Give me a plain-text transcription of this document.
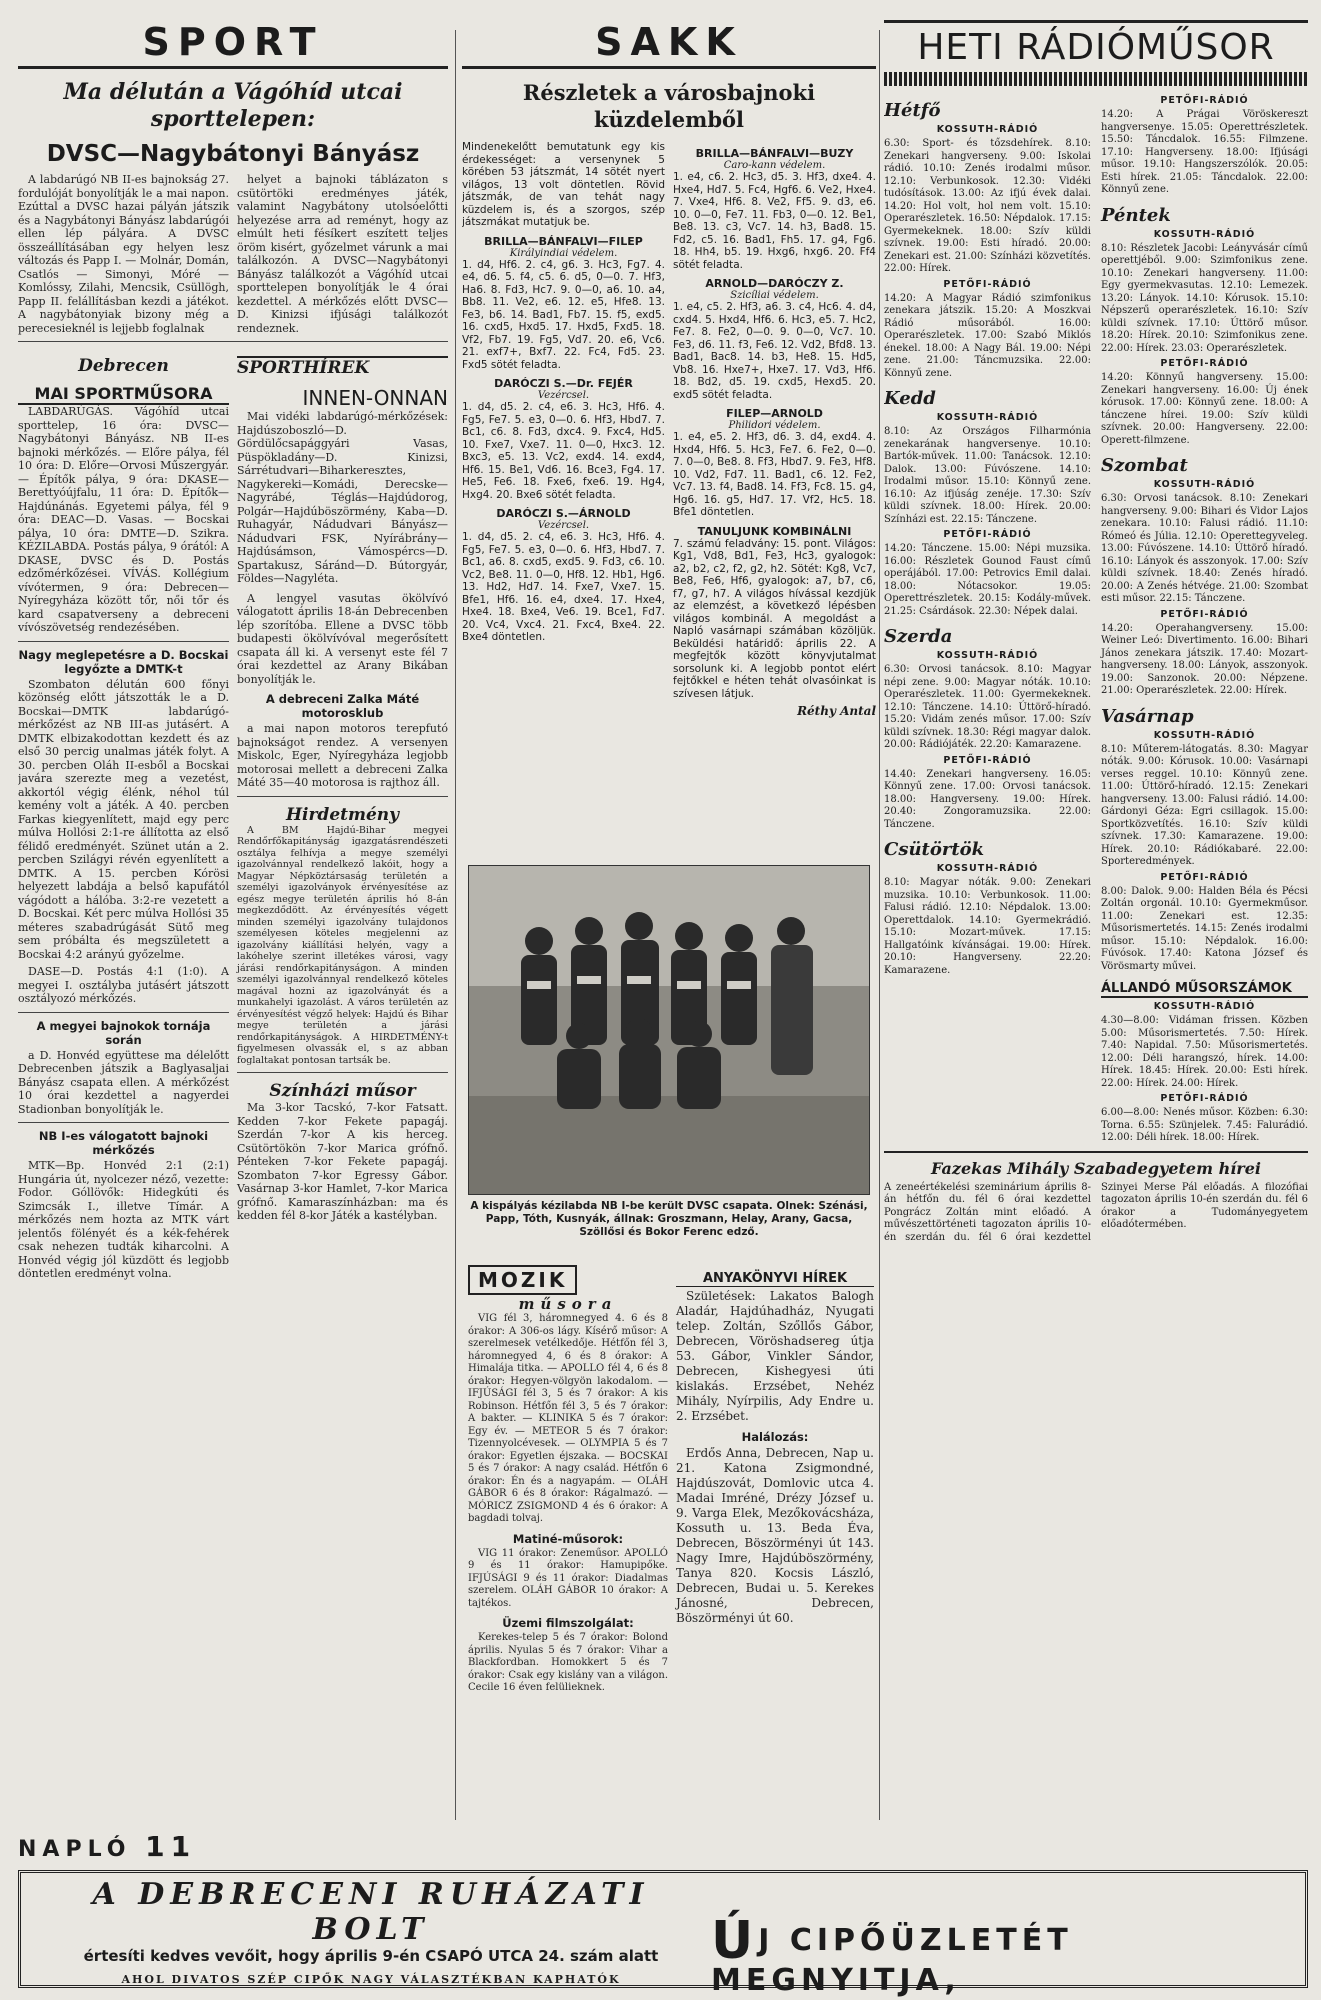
SPORT
Ma délután a Vágóhíd utcai sporttelepen:
DVSC—Nagybátonyi Bányász

A labdarúgó NB II-es bajnokság 27. fordulóját bonyolítják le a mai napon. Ezúttal a DVSC hazai pályán játszik és a Nagybátonyi Bányász labdarúgói ellen lép pályára. A DVSC összeállításában egy helyen lesz változás és Papp I. — Molnár, Domán, Csatlós — Simonyi, Móré — Komlóssy, Zilahi, Mencsik, Csüllögh, Papp II. felállításban kezdi a játékot. A nagybátonyiak bizony még a perecesieknél is lejjebb foglalnak

helyet a bajnoki táblázaton s csütörtöki eredményes játék, valamint Nagybátony utolsóelőtti helyezése arra ad reményt, hogy az elmúlt heti fésíkert eszített teljes öröm kisért, győzelmet várunk a mai találkozón. A DVSC—Nagybátonyi Bányász találkozót a Vágóhíd utcai sporttelepen bonyolítják le 4 órai kezdettel. A mérkőzés előtt DVSC—D. Kinizsi ifjúsági találkozót rendeznek.

Debrecen
MAI SPORTMŰSORA

LABDARÚGÁS. Vágóhíd utcai sporttelep, 16 óra: DVSC—Nagybátonyi Bányász. NB II-es bajnoki mérkőzés. — Előre pálya, fél 10 óra: D. Előre—Orvosi Műszergyár. — Építők pálya, 9 óra: DKASE—Berettyóújfalu, 11 óra: D. Építők—Hajdúnánás. Egyetemi pálya, fél 9 óra: DEAC—D. Vasas. — Bocskai pálya, 10 óra: DMTE—D. Szikra. KÉZILABDA. Postás pálya, 9 órától: A DKASE, DVSC és D. Postás edzőmérkőzései. VÍVÁS. Kollégium vívótermen, 9 óra: Debrecen—Nyíregyháza között tőr, női tőr és kard csapatverseny a debreceni vívószövetség rendezésében.

Nagy meglepetésre a D. Bocskai legyőzte a DMTK-t

Szombaton délután 600 főnyi közönség előtt játszották le a D. Bocskai—DMTK labdarúgó-mérkőzést az NB III-as jutásért. A DMTK elbizakodottan kezdett és az első 30 percig unalmas játék folyt. A 30. percben Oláh II-esből a Bocskai javára szerezte meg a vezetést, akkortól végig élénk, néhol túl kemény volt a játék. A 40. percben Farkas kiegyenlített, majd egy perc múlva Hollósi 2:1-re állította az első félidő eredményét. Szünet után a 2. percben Szilágyi révén egyenlített a DMTK. A 15. percben Kórösi helyezett labdája a belső kapufától vágódott a hálóba. 3:2-re vezetett a D. Bocskai. Két perc múlva Hollósi 35 méteres szabadrúgását Sütő meg sem próbálta és megszületett a Bocskai 4:2 arányú győzelme.

DASE—D. Postás 4:1 (1:0). A megyei I. osztályba jutásért játszott osztályozó mérkőzés.

A megyei bajnokok tornája során

a D. Honvéd együttese ma délelőtt Debrecenben játszik a Baglyasaljai Bányász csapata ellen. A mérkőzést 10 órai kezdettel a nagyerdei Stadionban bonyolítják le.

NB I-es válogatott bajnoki mérkőzés

MTK—Bp. Honvéd 2:1 (2:1) Hungária út, nyolcezer néző, vezette: Fodor. Góllövők: Hidegkúti és Szimcsák I., illetve Tímár. A mérkőzés nem hozta az MTK várt jelentős fölényét és a kék-fehérek csak nehezen tudták kiharcolni. A Honvéd végig jól küzdött és legjobb döntetlen eredményt volna.

SPORTHÍREK
INNEN-ONNAN

Mai vidéki labdarúgó-mérkőzések: Hajdúszoboszló—D. Gördülőcsapággyári Vasas, Püspökladány—D. Kinizsi, Sárrétudvari—Biharkeresztes, Nagykereki—Komádi, Derecske—Nagyrábé, Téglás—Hajdúdorog, Polgár—Hajdúböszörmény, Kaba—D. Ruhagyár, Nádudvari Bányász—Nádudvari FSK, Nyírábrány—Hajdúsámson, Vámospércs—D. Spartakusz, Sáránd—D. Bútorgyár, Földes—Nagyléta.

A lengyel vasutas ökölvívó válogatott április 18-án Debrecenben lép szorítóba. Ellene a DVSC több budapesti ökölvívóval megerősített csapata áll ki. A versenyt este fél 7 órai kezdettel az Arany Bikában bonyolítják le.

A debreceni Zalka Máté motorosklub

a mai napon motoros terepfutó bajnokságot rendez. A versenyen Miskolc, Eger, Nyíregyháza legjobb motorosai mellett a debreceni Zalka Máté 35—40 motorosa is rajthoz áll.

Hirdetmény

A BM Hajdú-Bihar megyei Rendőrfőkapitányság igazgatásrendészeti osztálya felhívja a megye személyi igazolvánnyal rendelkező lakóit, hogy a Magyar Népköztársaság területén a személyi igazolványok érvényesítése az egész megye területén április hó 8-án megkezdődött. Az érvényesítés végett minden személyi igazolvány tulajdonos személyesen köteles megjelenni az igazolvány kiállítási helyén, vagy a lakóhelye szerint illetékes városi, vagy járási rendőrkapitányságon. A minden személyi igazolvánnyal rendelkező köteles magával hozni az igazolványát és a munkahelyi igazolást. A város területén az érvényesítést végző helyek: Hajdú és Bihar megye területén a járási rendőrkapitányságok. A HIRDETMÉNY-t figyelmesen olvassák el, s az abban foglaltakat pontosan tartsák be.

Színházi műsor

Ma 3-kor Tacskó, 7-kor Fatsatt. Kedden 7-kor Fekete papagáj. Szerdán 7-kor A kis herceg. Csütörtökön 7-kor Marica grófnő. Pénteken 7-kor Fekete papagáj. Szombaton 7-kor Egressy Gábor. Vasárnap 3-kor Hamlet, 7-kor Marica grófnő. Kamaraszínházban: ma és kedden fél 8-kor Játék a kastélyban.

SAKK
Részletek a városbajnoki küzdelemből

Mindenekelőtt bemutatunk egy kis érdekességet: a versenynek 5 körében 53 játszmát, 14 sötét nyert világos, 13 volt döntetlen. Rövid játszmák, de van tehát nagy küzdelem is, és a szorgos, szép játszmákat mutatjuk be.

BRILLA—BÁNFALVI—FILEP
Királyindiai védelem.

1. d4, Hf6. 2. c4, g6. 3. Hc3, Fg7. 4. e4, d6. 5. f4, c5. 6. d5, 0—0. 7. Hf3, Ha6. 8. Fd3, Hc7. 9. 0—0, a6. 10. a4, Bb8. 11. Ve2, e6. 12. e5, Hfe8. 13. Fe3, b6. 14. Bad1, Fb7. 15. f5, exd5. 16. cxd5, Hxd5. 17. Hxd5, Fxd5. 18. Vf2, Fb7. 19. Fg5, Vd7. 20. e6, Vc6. 21. exf7+, Bxf7. 22. Fc4, Fd5. 23. Fxd5 sötét feladta.

DARÓCZI S.—Dr. FEJÉR
Vezércsel.

1. d4, d5. 2. c4, e6. 3. Hc3, Hf6. 4. Fg5, Fe7. 5. e3, 0—0. 6. Hf3, Hbd7. 7. Bc1, c6. 8. Fd3, dxc4. 9. Fxc4, Hd5. 10. Fxe7, Vxe7. 11. 0—0, Hxc3. 12. Bxc3, e5. 13. Vc2, exd4. 14. exd4, Hf6. 15. Be1, Vd6. 16. Bce3, Fg4. 17. He5, Fe6. 18. Fxe6, fxe6. 19. Hg4, Hxg4. 20. Bxe6 sötét feladta.

DARÓCZI S.—ÁRNOLD
Vezércsel.

1. d4, d5. 2. c4, e6. 3. Hc3, Hf6. 4. Fg5, Fe7. 5. e3, 0—0. 6. Hf3, Hbd7. 7. Bc1, a6. 8. cxd5, exd5. 9. Fd3, c6. 10. Vc2, Be8. 11. 0—0, Hf8. 12. Hb1, Hg6. 13. Hd2, Hd7. 14. Fxe7, Vxe7. 15. Bfe1, Hf6. 16. e4, dxe4. 17. Hxe4, Hxe4. 18. Bxe4, Ve6. 19. Bce1, Fd7. 20. Vc4, Vxc4. 21. Fxc4, Bxe4. 22. Bxe4 döntetlen.

BRILLA—BÁNFALVI—BUZY
Caro-kann védelem.

1. e4, c6. 2. Hc3, d5. 3. Hf3, dxe4. 4. Hxe4, Hd7. 5. Fc4, Hgf6. 6. Vе2, Hxe4. 7. Vxe4, Hf6. 8. Ve2, Ff5. 9. d3, e6. 10. 0—0, Fe7. 11. Fb3, 0—0. 12. Bе1, Bе8. 13. c3, Vc7. 14. h3, Bad8. 15. Fd2, c5. 16. Bad1, Fh5. 17. g4, Fg6. 18. Hh4, b5. 19. Hxg6, hxg6. 20. Ff4 sötét feladta.

ARNOLD—DARÓCZY Z.
Szicíliai védelem.

1. e4, c5. 2. Hf3, a6. 3. c4, Hc6. 4. d4, cxd4. 5. Hxd4, Hf6. 6. Hc3, e5. 7. Hc2, Fe7. 8. Fe2, 0—0. 9. 0—0, Vc7. 10. Fe3, d6. 11. f3, Fe6. 12. Vd2, Bfd8. 13. Bad1, Bac8. 14. b3, He8. 15. Hd5, Vb8. 16. Hxe7+, Hxe7. 17. Vd3, Hf6. 18. Bd2, d5. 19. cxd5, Hexd5. 20. exd5 sötét feladta.

FILEP—ARNOLD
Philidori védelem.

1. e4, e5. 2. Hf3, d6. 3. d4, exd4. 4. Hxd4, Hf6. 5. Hc3, Fe7. 6. Fe2, 0—0. 7. 0—0, Be8. 8. Ff3, Hbd7. 9. Fe3, Hf8. 10. Vd2, Fd7. 11. Bad1, c6. 12. Fe2, Vc7. 13. f4, Bad8. 14. Ff3, Fc8. 15. g4, Hg6. 16. g5, Hd7. 17. Vf2, Hc5. 18. Bfe1 döntetlen.

TANULJUNK KOMBINÁLNI

7. számú feladvány: 15. pont. Világos: Kg1, Vd8, Bd1, Fe3, Hc3, gyalogok: a2, b2, c2, f2, g2, h2. Sötét: Kg8, Vc7, Be8, Fe6, Hf6, gyalogok: a7, b7, c6, f7, g7, h7. A világos hívással kezdjük az elemzést, a következő lépésben világos kombinál. A megoldást a Napló vasárnapi számában közöljük. Beküldési határidő: április 22. A megfejtők között könyvjutalmat sorsolunk ki. A legjobb pontot elért fejtőkkel e héten tehát olvasóinkat is szívesen látjuk.

Réthy Antal
A kispályás kézilabda NB I-be került DVSC csapata. Olnek: Szénási, Papp, Tóth, Kusnyák, állnak: Groszmann, Helay, Arany, Gacsa, Szöllősi és Bokor Ferenc edző.
MOZIK
műsora

VIG fél 3, háromnegyed 4. 6 és 8 órakor: A 306-os lágy. Kísérő műsor: A szerelmesek vetélkedője. Hétfőn fél 3, háromnegyed 4, 6 és 8 órakor: A Himalája titka. — APOLLO fél 4, 6 és 8 órakor: Hegyen-völgyön lakodalom. — IFJÚSÁGI fél 3, 5 és 7 órakor: A kis Robinson. Hétfőn fél 3, 5 és 7 órakor: A bakter. — KLINIKA 5 és 7 órakor: Egy év. — METEOR 5 és 7 órakor: Tizennyolcévesek. — OLYMPIA 5 és 7 órakor: Egyetlen éjszaka. — BOCSKAI 5 és 7 órakor: A nagy család. Hétfőn 6 órakor: Én és a nagyapám. — OLÁH GÁBOR 6 és 8 órakor: Rágalmazó. — MÓRICZ ZSIGMOND 4 és 6 órakor: A bagdadi tolvaj.

Matiné-műsorok:

VIG 11 órakor: Zeneműsor. APOLLÓ 9 és 11 órakor: Hamupipőke. IFJÚSÁGI 9 és 11 órakor: Diadalmas szerelem. OLÁH GÁBOR 10 órakor: A tajtékos.

Üzemi filmszolgálat:

Kerekes-telep 5 és 7 órakor: Bolond április. Nyulas 5 és 7 órakor: Vihar a Blackfordban. Homokkert 5 és 7 órakor: Csak egy kislány van a világon. Cecile 16 éven felülieknek.

ANYAKÖNYVI HÍREK

Születések: Lakatos Balogh Aladár, Hajdúhadház, Nyugati telep. Zoltán, Szőllős Gábor, Debrecen, Vöröshadsereg útja 53. Gábor, Vinkler Sándor, Debrecen, Kishegyesi úti kislakás. Erzsébet, Nehéz Mihály, Nyírpilis, Ady Endre u. 2. Erzsébet.

Halálozás:

Erdős Anna, Debrecen, Nap u. 21. Katona Zsigmondné, Hajdúszovát, Domlovic utca 4. Madai Imréné, Drézy József u. 9. Varga Elek, Mezőkovácsháza, Kossuth u. 13. Beda Éva, Debrecen, Böszörményi út 143. Nagy Imre, Hajdúböszörmény, Tanya 820. Kocsis László, Debrecen, Budai u. 5. Kerekes Jánosné, Debrecen, Böszörményi út 60.

HETI RÁDIÓMŰSOR
Hétfő
KOSSUTH-RÁDIÓ

6.30: Sport- és tőzsdehírek. 8.10: Zenekari hangverseny. 9.00: Iskolai rádió. 10.10: Zenés irodalmi műsor. 12.10: Verbunkosok. 12.30: Vidéki tudósítások. 13.00: Az ifjú évek dalai. 14.20: Hol volt, hol nem volt. 15.10: Operarészletek. 16.50: Népdalok. 17.15: Gyermekeknek. 18.00: Szív küldi szívnek. 19.00: Esti híradó. 20.00: Zenekari est. 21.00: Színházi közvetítés. 22.00: Hírek.

PETŐFI-RÁDIÓ

14.20: A Magyar Rádió szimfonikus zenekara játszik. 15.20: A Moszkvai Rádió műsorából. 16.00: Operarészletek. 17.00: Szabó Miklós énekel. 18.00: A Nagy Bál. 19.00: Népi zene. 21.00: Táncmuzsika. 22.00: Könnyű zene.

Kedd
KOSSUTH-RÁDIÓ

8.10: Az Országos Filharmónia zenekarának hangversenye. 10.10: Bartók-művek. 11.00: Tanácsok. 12.10: Dalok. 13.00: Fúvószene. 14.10: Irodalmi műsor. 15.10: Könnyű zene. 16.10: Az ifjúság zenéje. 17.30: Szív küldi szívnek. 18.00: Hírek. 20.00: Színházi est. 22.15: Tánczene.

PETŐFI-RÁDIÓ

14.20: Tánczene. 15.00: Népi muzsika. 16.00: Részletek Gounod Faust című operájából. 17.00: Petrovics Emil dalai. 18.00: Nótacsokor. 19.05: Operettrészletek. 20.15: Kodály-művek. 21.25: Csárdások. 22.30: Népek dalai.

Szerda
KOSSUTH-RÁDIÓ

6.30: Orvosi tanácsok. 8.10: Magyar népi zene. 9.00: Magyar nóták. 10.10: Operarészletek. 11.00: Gyermekeknek. 12.10: Tánczene. 14.10: Úttörő-híradó. 15.20: Vidám zenés műsor. 17.00: Szív küldi szívnek. 18.30: Régi magyar dalok. 20.00: Rádiójáték. 22.20: Kamarazene.

PETŐFI-RÁDIÓ

14.40: Zenekari hangverseny. 16.05: Könnyű zene. 17.00: Orvosi tanácsok. 18.00: Hangverseny. 19.00: Hírek. 20.40: Zongoramuzsika. 22.00: Tánczene.

Csütörtök
KOSSUTH-RÁDIÓ

8.10: Magyar nóták. 9.00: Zenekari muzsika. 10.10: Verbunkosok. 11.00: Falusi rádió. 12.10: Népdalok. 13.00: Operettdalok. 14.10: Gyermekrádió. 15.10: Mozart-művek. 17.15: Hallgatóink kívánságai. 19.00: Hírek. 20.10: Hangverseny. 22.20: Kamarazene.

PETŐFI-RÁDIÓ

14.20: A Prágai Vöröskereszt hangversenye. 15.05: Operettrészletek. 15.50: Táncdalok. 16.55: Filmzene. 17.10: Hangverseny. 18.00: Ifjúsági műsor. 19.10: Hangszerszólók. 20.05: Esti hírek. 21.05: Táncdalok. 22.00: Könnyű zene.

Péntek
KOSSUTH-RÁDIÓ

8.10: Részletek Jacobi: Leányvásár című operettjéből. 9.00: Szimfonikus zene. 10.10: Zenekari hangverseny. 11.00: Egy gyermekvasutas. 12.10: Lemezek. 13.20: Lányok. 14.10: Kórusok. 15.10: Népszerű operarészletek. 16.10: Szív küldi szívnek. 17.10: Úttörő műsor. 18.20: Hírek. 20.10: Szimfonikus zene. 22.00: Hírek. 23.03: Operarészletek.

PETŐFI-RÁDIÓ

14.20: Könnyű hangverseny. 15.00: Zenekari hangverseny. 16.00: Új ének kórusok. 17.00: Könnyű zene. 18.00: A tánczene hírei. 19.00: Szív küldi szívnek. 20.00: Hangverseny. 22.00: Operett-filmzene.

Szombat
KOSSUTH-RÁDIÓ

6.30: Orvosi tanácsok. 8.10: Zenekari hangverseny. 9.00: Bihari és Vidor Lajos zenekara. 10.10: Falusi rádió. 11.10: Rómeó és Júlia. 12.10: Operettegyveleg. 13.00: Fúvószene. 14.10: Úttörő híradó. 16.10: Lányok és asszonyok. 17.00: Szív küldi szívnek. 18.40: Zenés híradó. 20.00: A Zenés hétvége. 21.00: Szombat esti műsor. 22.15: Tánczene.

PETŐFI-RÁDIÓ

14.20: Operahangverseny. 15.00: Weiner Leó: Divertimento. 16.00: Bihari János zenekara játszik. 17.40: Mozart-hangverseny. 18.00: Lányok, asszonyok. 19.00: Sanzonok. 20.00: Népzene. 21.00: Operarészletek. 22.00: Hírek.

Vasárnap
KOSSUTH-RÁDIÓ

8.10: Műterem-látogatás. 8.30: Magyar nóták. 9.00: Kórusok. 10.00: Vasárnapi verses reggel. 10.10: Könnyű zene. 11.00: Úttörő-híradó. 12.15: Zenekari hangverseny. 13.00: Falusi rádió. 14.00: Gárdonyi Géza: Egri csillagok. 15.00: Sportközvetítés. 16.10: Szív küldi szívnek. 17.30: Kamarazene. 19.00: Hírek. 20.10: Rádiókabaré. 22.00: Sporteredmények.

PETŐFI-RÁDIÓ

8.00: Dalok. 9.00: Halden Béla és Pécsi Zoltán orgonál. 10.10: Gyermekműsor. 11.00: Zenekari est. 12.35: Műsorismertetés. 14.15: Zenés irodalmi műsor. 15.10: Népdalok. 16.00: Fúvósok. 17.40: Katona József és Vörösmarty művei.

ÁLLANDÓ MŰSORSZÁMOK
KOSSUTH-RÁDIÓ

4.30—8.00: Vidáman frissen. Közben 5.00: Műsorismertetés. 7.50: Hírek. 7.40: Napidal. 7.50: Műsorismertetés. 12.00: Déli harangszó, hírek. 14.00: Hírek. 18.45: Hírek. 20.00: Esti hírek. 22.00: Hírek. 24.00: Hírek.

PETŐFI-RÁDIÓ

6.00—8.00: Nenés műsor. Közben: 6.30: Torna. 6.55: Szünjelek. 7.45: Falurádió. 12.00: Déli hírek. 18.00: Hírek.

Fazekas Mihály Szabadegyetem hírei

A zeneértékelési szeminárium április 8-án hétfőn du. fél 6 órai kezdettel Pongrácz Zoltán mint előadó. A művészettörténeti tagozaton április 10-én szerdán du. fél 6 órai kezdettel Szinyei Merse Pál előadás. A filozófiai tagozaton április 10-én szerdán du. fél 6 órakor a Tudományegyetem előadótermében.

NAPLÓ 11
A DEBRECENI RUHÁZATI BOLT
értesíti kedves vevőit, hogy április 9-én CSAPÓ UTCA 24. szám alatt
AHOL DIVATOS SZÉP CIPŐK NAGY VÁLASZTÉKBAN KAPHATÓK
ÚJ CIPŐÜZLETÉT MEGNYITJA,
